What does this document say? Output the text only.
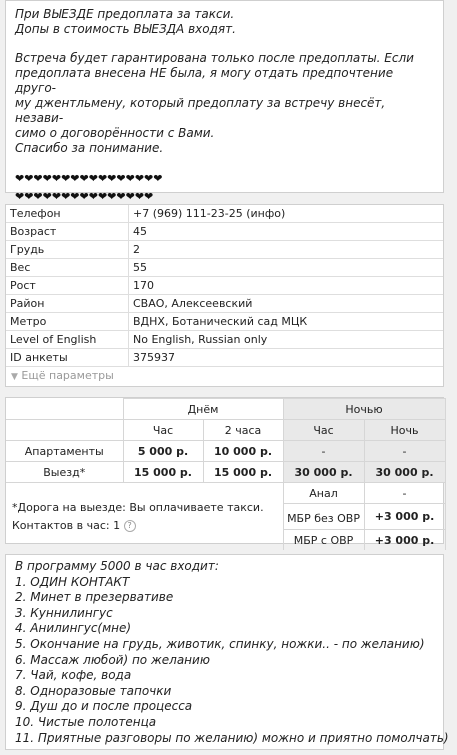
При ВЫЕЗДЕ предоплата за такси.

Допы в стоимость ВЫЕЗДА входят.

Встреча будет гарантирована только после предоплаты. Если
предоплата внесена НЕ была, я могу отдать предпочтение друго-
му джентльмену, который предоплату за встречу внесёт, незави-
симо о договорённости с Вами.

Спасибо за понимание.

❤❤❤❤❤❤❤❤❤❤❤❤❤❤❤❤
❤❤❤❤❤❤❤❤❤❤❤❤❤❤❤
Телефон	+7 (969) 111-23-25 (инфо)
Возраст	45
Грудь	2
Вес	55
Рост	170
Район	СВАО, Алексеевский
Метро	ВДНХ, Ботанический сад МЦК
Level of English	No English, Russian only
ID анкеты	375937
▼ Ещё параметры
	Днём		Ночью	
	Час	2 часа	Час	Ночь
Апартаменты	5 000 р.	10 000 р.	-	-
Выезд*	15 000 р.	15 000 р.	30 000 р.	30 000 р.

*Дорога на выезде: Вы оплачиваете такси.
Контактов в час: 1 ?			Анал	-
			МБР без ОВР	+3 000 р.
			МБР с ОВР	+3 000 р.
В программу 5000 в час входит:
1. ОДИН КОНТАКТ
2. Минет в презервативе
3. Куннилингус
4. Анилингус(мне)
5. Окончание на грудь, животик, спинку, ножки.. - по желанию)
6. Массаж любой) по желанию
7. Чай, кофе, вода
8. Одноразовые тапочки
9. Душ до и после процесса
10. Чистые полотенца
11. Приятные разговоры по желанию) можно и приятно помолчать)
